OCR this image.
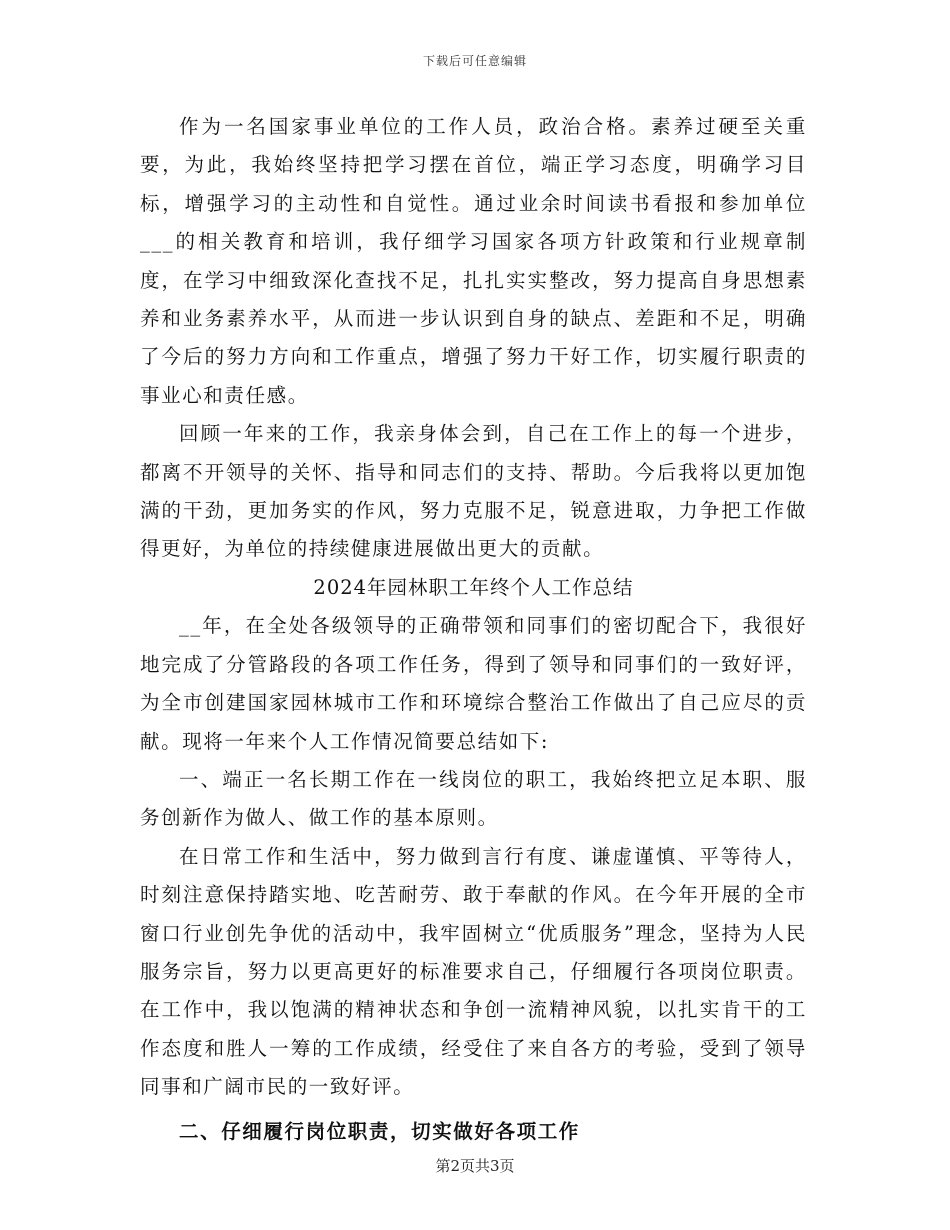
下载后可任意编辑

作为一名国家事业单位的工作人员，政治合格。素养过硬至关重要，为此，我始终坚持把学习摆在首位，端正学习态度，明确学习目标，增强学习的主动性和自觉性。通过业余时间读书看报和参加单位___的相关教育和培训，我仔细学习国家各项方针政策和行业规章制度，在学习中细致深化查找不足，扎扎实实整改，努力提高自身思想素养和业务素养水平，从而进一步认识到自身的缺点、差距和不足，明确了今后的努力方向和工作重点，增强了努力干好工作，切实履行职责的事业心和责任感。

回顾一年来的工作，我亲身体会到，自己在工作上的每一个进步，都离不开领导的关怀、指导和同志们的支持、帮助。今后我将以更加饱满的干劲，更加务实的作风，努力克服不足，锐意进取，力争把工作做得更好，为单位的持续健康进展做出更大的贡献。

2024年园林职工年终个人工作总结

__年，在全处各级领导的正确带领和同事们的密切配合下，我很好地完成了分管路段的各项工作任务，得到了领导和同事们的一致好评，为全市创建国家园林城市工作和环境综合整治工作做出了自己应尽的贡献。现将一年来个人工作情况简要总结如下:

一、端正一名长期工作在一线岗位的职工，我始终把立足本职、服务创新作为做人、做工作的基本原则。

在日常工作和生活中，努力做到言行有度、谦虚谨慎、平等待人，时刻注意保持踏实地、吃苦耐劳、敢于奉献的作风。在今年开展的全市窗口行业创先争优的活动中，我牢固树立“优质服务”理念，坚持为人民服务宗旨，努力以更高更好的标准要求自己，仔细履行各项岗位职责。在工作中，我以饱满的精神状态和争创一流精神风貌，以扎实肯干的工作态度和胜人一筹的工作成绩，经受住了来自各方的考验，受到了领导同事和广阔市民的一致好评。

二、仔细履行岗位职责，切实做好各项工作

第2页共3页
